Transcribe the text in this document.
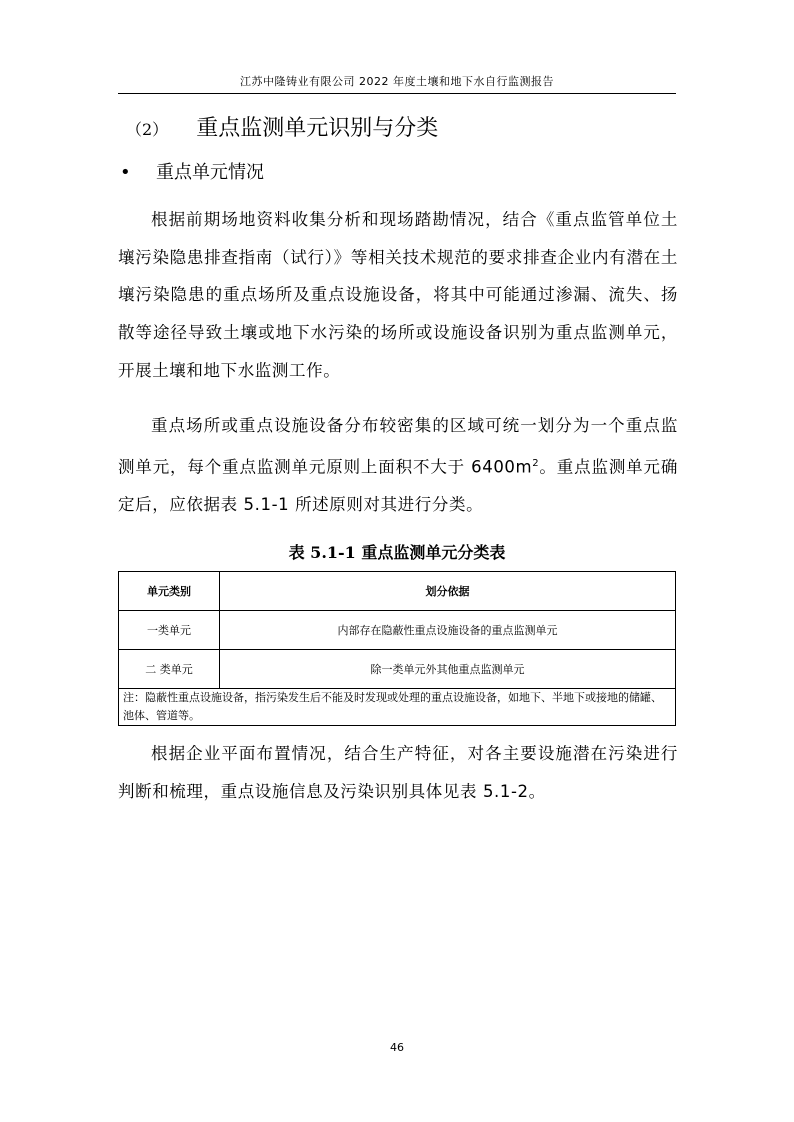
江苏中隆铸业有限公司 2022 年度土壤和地下水自行监测报告
（2） 重点监测单元识别与分类
• 重点单元情况
根据前期场地资料收集分析和现场踏勘情况，结合《重点监管单位土壤污染隐患排查指南（试行）》等相关技术规范的要求排查企业内有潜在土壤污染隐患的重点场所及重点设施设备，将其中可能通过渗漏、流失、扬散等途径导致土壤或地下水污染的场所或设施设备识别为重点监测单元，开展土壤和地下水监测工作。
重点场所或重点设施设备分布较密集的区域可统一划分为一个重点监测单元，每个重点监测单元原则上面积不大于 $6400m^2$。重点监测单元确定后，应依据表 5.1-1 所述原则对其进行分类。
表 5.1-1 重点监测单元分类表
单元类别	划分依据
一类单元	内部存在隐蔽性重点设施设备的重点监测单元
二 类单元	除一类单元外其他重点监测单元
注：隐蔽性重点设施设备，指污染发生后不能及时发现或处理的重点设施设备，如地下、半地下或接地的储罐、池体、管道等。	
根据企业平面布置情况，结合生产特征，对各主要设施潜在污染进行判断和梳理，重点设施信息及污染识别具体见表 5.1-2。
46
